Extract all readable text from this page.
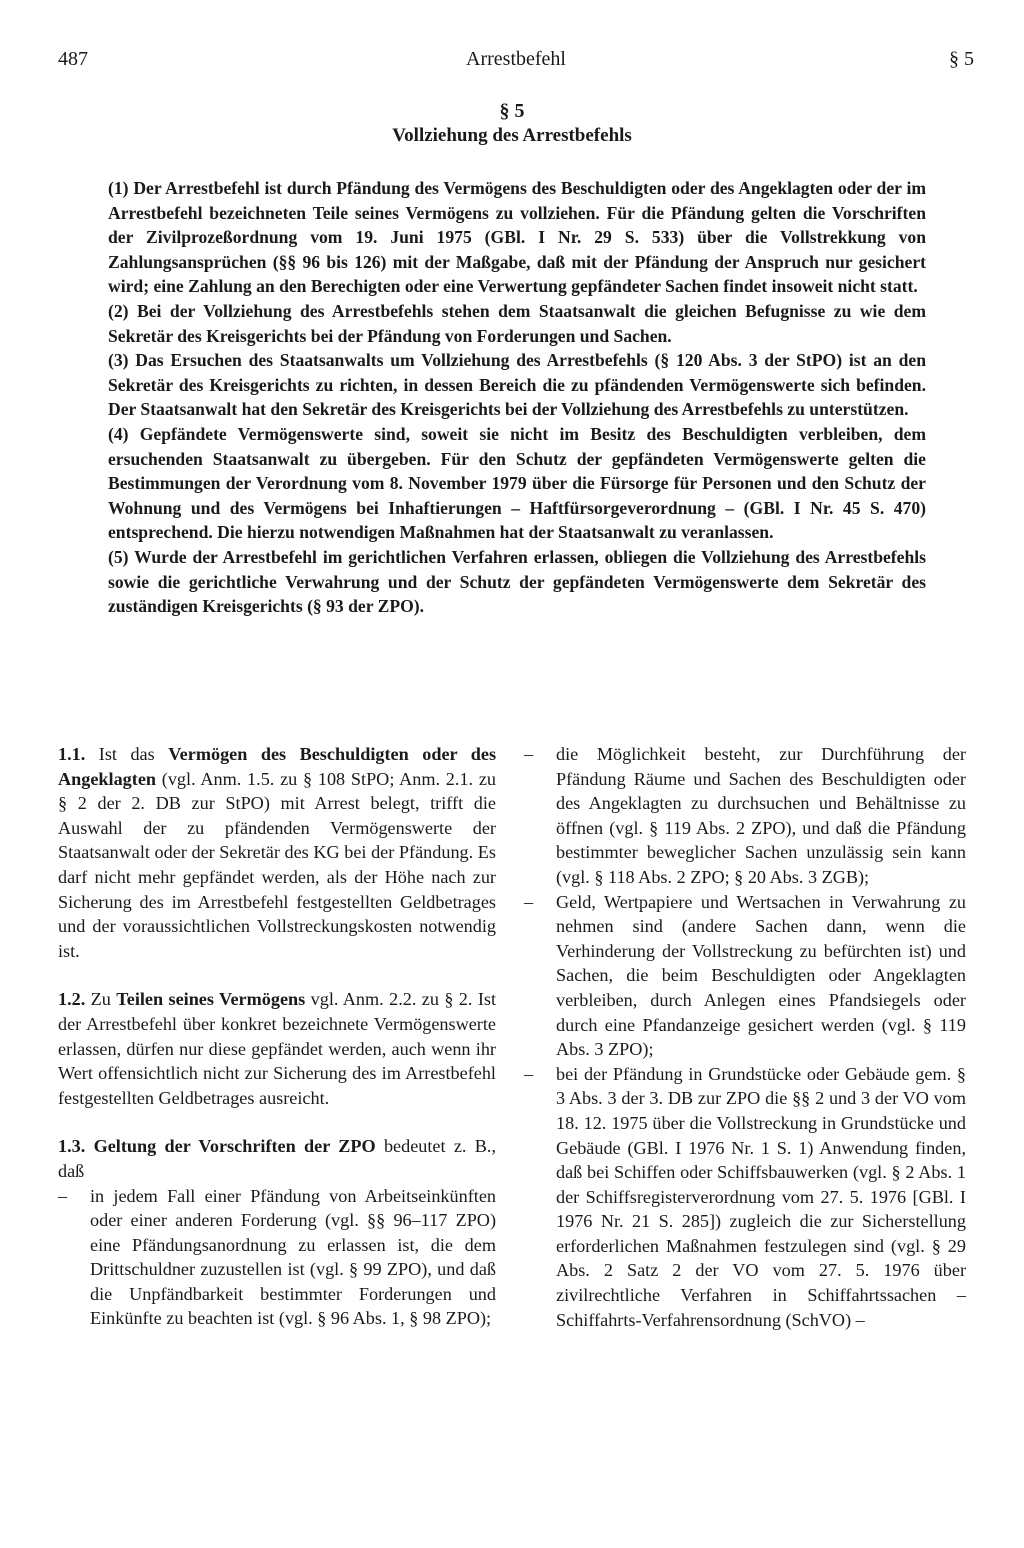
487	Arrestbefehl	§ 5
§ 5
Vollziehung des Arrestbefehls

(1) Der Arrestbefehl ist durch Pfändung des Vermögens des Beschuldigten oder des Angeklagten oder der im Arrestbefehl bezeichneten Teile seines Vermögens zu vollziehen. Für die Pfändung gelten die Vorschriften der Zivilprozeßordnung vom 19. Juni 1975 (GBl. I Nr. 29 S. 533) über die Vollstrekkung von Zahlungsansprüchen (§§ 96 bis 126) mit der Maßgabe, daß mit der Pfändung der Anspruch nur gesichert wird; eine Zahlung an den Berechigten oder eine Verwertung gepfändeter Sachen findet insoweit nicht statt.

(2) Bei der Vollziehung des Arrestbefehls stehen dem Staatsanwalt die gleichen Befugnisse zu wie dem Sekretär des Kreisgerichts bei der Pfändung von Forderungen und Sachen.

(3) Das Ersuchen des Staatsanwalts um Vollziehung des Arrestbefehls (§ 120 Abs. 3 der StPO) ist an den Sekretär des Kreisgerichts zu richten, in dessen Bereich die zu pfändenden Vermögenswerte sich befinden. Der Staatsanwalt hat den Sekretär des Kreisgerichts bei der Vollziehung des Arrestbefehls zu unterstützen.

(4) Gepfändete Vermögenswerte sind, soweit sie nicht im Besitz des Beschuldigten verbleiben, dem ersuchenden Staatsanwalt zu übergeben. Für den Schutz der gepfändeten Vermögenswerte gelten die Bestimmungen der Verordnung vom 8. November 1979 über die Fürsorge für Personen und den Schutz der Wohnung und des Vermögens bei Inhaftierungen – Haftfürsorgeverordnung – (GBl. I Nr. 45 S. 470) entsprechend. Die hierzu notwendigen Maßnahmen hat der Staatsanwalt zu veranlassen.

(5) Wurde der Arrestbefehl im gerichtlichen Verfahren erlassen, obliegen die Vollziehung des Arrestbefehls sowie die gerichtliche Verwahrung und der Schutz der gepfändeten Vermögenswerte dem Sekretär des zuständigen Kreisgerichts (§ 93 der ZPO).

1.1. Ist das Vermögen des Beschuldigten oder des Angeklagten (vgl. Anm. 1.5. zu § 108 StPO; Anm. 2.1. zu § 2 der 2. DB zur StPO) mit Arrest belegt, trifft die Auswahl der zu pfändenden Vermögenswerte der Staatsanwalt oder der Sekretär des KG bei der Pfändung. Es darf nicht mehr gepfändet werden, als der Höhe nach zur Sicherung des im Arrestbefehl festgestellten Geldbetrages und der voraussichtlichen Vollstreckungskosten notwendig ist.

1.2. Zu Teilen seines Vermögens vgl. Anm. 2.2. zu § 2. Ist der Arrestbefehl über konkret bezeichnete Vermögenswerte erlassen, dürfen nur diese gepfändet werden, auch wenn ihr Wert offensichtlich nicht zur Sicherung des im Arrestbefehl festgestellten Geldbetrages ausreicht.

1.3. Geltung der Vorschriften der ZPO bedeutet z. B., daß

– in jedem Fall einer Pfändung von Arbeitseinkünften oder einer anderen Forderung (vgl. §§ 96–117 ZPO) eine Pfändungsanordnung zu erlassen ist, die dem Drittschuldner zuzustellen ist (vgl. § 99 ZPO), und daß die Unpfändbarkeit bestimmter Forderungen und Einkünfte zu beachten ist (vgl. § 96 Abs. 1, § 98 ZPO);

– die Möglichkeit besteht, zur Durchführung der Pfändung Räume und Sachen des Beschuldigten oder des Angeklagten zu durchsuchen und Behältnisse zu öffnen (vgl. § 119 Abs. 2 ZPO), und daß die Pfändung bestimmter beweglicher Sachen unzulässig sein kann (vgl. § 118 Abs. 2 ZPO; § 20 Abs. 3 ZGB);

– Geld, Wertpapiere und Wertsachen in Verwahrung zu nehmen sind (andere Sachen dann, wenn die Verhinderung der Vollstreckung zu befürchten ist) und Sachen, die beim Beschuldigten oder Angeklagten verbleiben, durch Anlegen eines Pfandsiegels oder durch eine Pfandanzeige gesichert werden (vgl. § 119 Abs. 3 ZPO);

– bei der Pfändung in Grundstücke oder Gebäude gem. § 3 Abs. 3 der 3. DB zur ZPO die §§ 2 und 3 der VO vom 18. 12. 1975 über die Vollstreckung in Grundstücke und Gebäude (GBl. I 1976 Nr. 1 S. 1) Anwendung finden, daß bei Schiffen oder Schiffsbauwerken (vgl. § 2 Abs. 1 der Schiffsregisterverordnung vom 27. 5. 1976 [GBl. I 1976 Nr. 21 S. 285]) zugleich die zur Sicherstellung erforderlichen Maßnahmen festzulegen sind (vgl. § 29 Abs. 2 Satz 2 der VO vom 27. 5. 1976 über zivilrechtliche Verfahren in Schiffahrtssachen – Schiffahrts-Verfahrensordnung (SchVO) –
